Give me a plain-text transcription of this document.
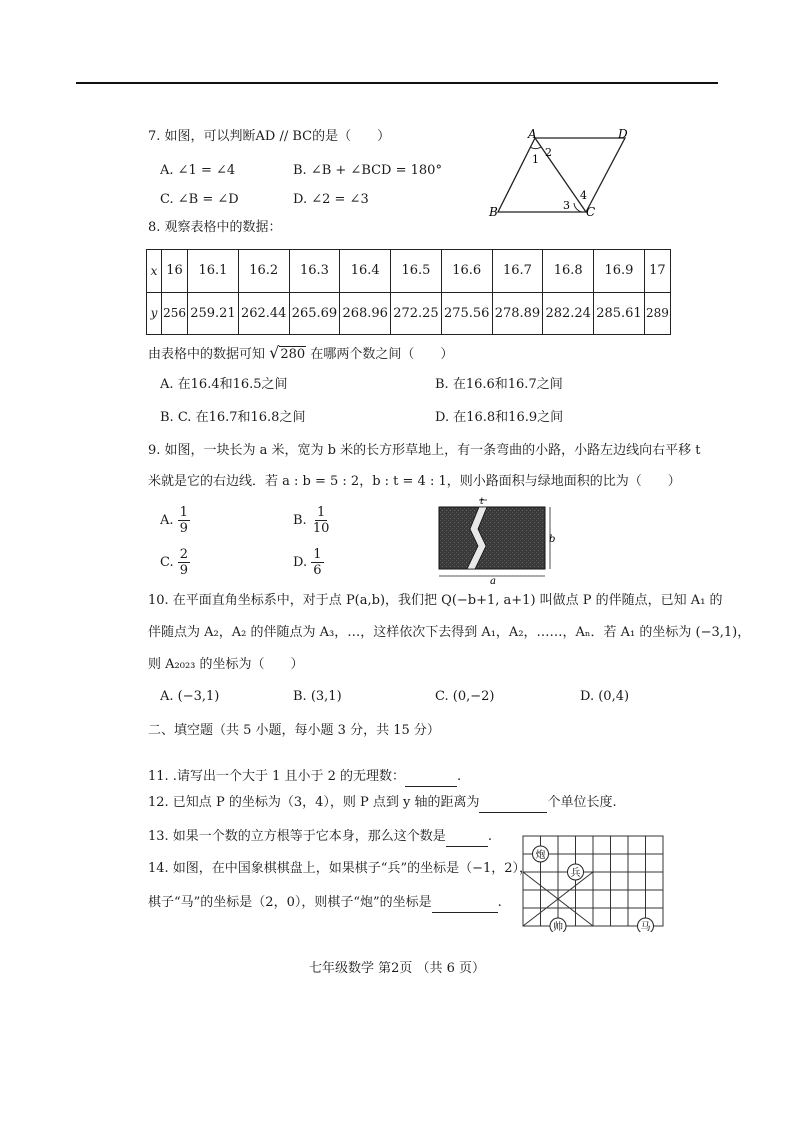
7. 如图，可以判断AD // BC的是（　　）
A. ∠1 = ∠4	B. ∠B + ∠BCD = 180°
C. ∠B = ∠D	D. ∠2 = ∠3
A	D
B	C
1
2
3
4
8. 观察表格中的数据：
x	16	16.1	16.2	16.3	16.4	16.5	16.6	16.7	16.8	16.9	17
y	256	259.21	262.44	265.69	268.96	272.25	275.56	278.89	282.24	285.61	289
由表格中的数据可知 √280 在哪两个数之间（　　）
A. 在16.4和16.5之间	B. 在16.6和16.7之间
B. C. 在16.7和16.8之间	D. 在16.8和16.9之间
9. 如图，一块长为 a 米，宽为 b 米的长方形草地上，有一条弯曲的小路，小路左边线向右平移 t
米就是它的右边线．若 a : b = 5 : 2，b : t = 4 : 1，则小路面积与绿地面积的比为（　　）
A. $\frac{1}{9}$	B. $\frac{1}{10}$
C. $\frac{2}{9}$	D. $\frac{1}{6}$
t
b
a
10. 在平面直角坐标系中，对于点 P(a,b)，我们把 Q(−b+1, a+1) 叫做点 P 的伴随点，已知 A₁ 的
伴随点为 A₂，A₂ 的伴随点为 A₃，…，这样依次下去得到 A₁，A₂，……，Aₙ．若 A₁ 的坐标为 (−3,1)，
则 A₂₀₂₃ 的坐标为（　　）
A. (−3,1)	B. (3,1)	C. (0,−2)	D. (0,4)
二、填空题（共 5 小题，每小题 3 分，共 15 分）
11. .请写出一个大于 1 且小于 2 的无理数：	.
12. 已知点 P 的坐标为（3，4），则 P 点到 y 轴的距离为	个单位长度.
13. 如果一个数的立方根等于它本身，那么这个数是	.
14. 如图，在中国象棋棋盘上，如果棋子“兵”的坐标是（−1，2），
棋子“马”的坐标是（2，0），则棋子“炮”的坐标是	.
炮
兵
帅	马
七年级数学 第2页 （共 6 页）
